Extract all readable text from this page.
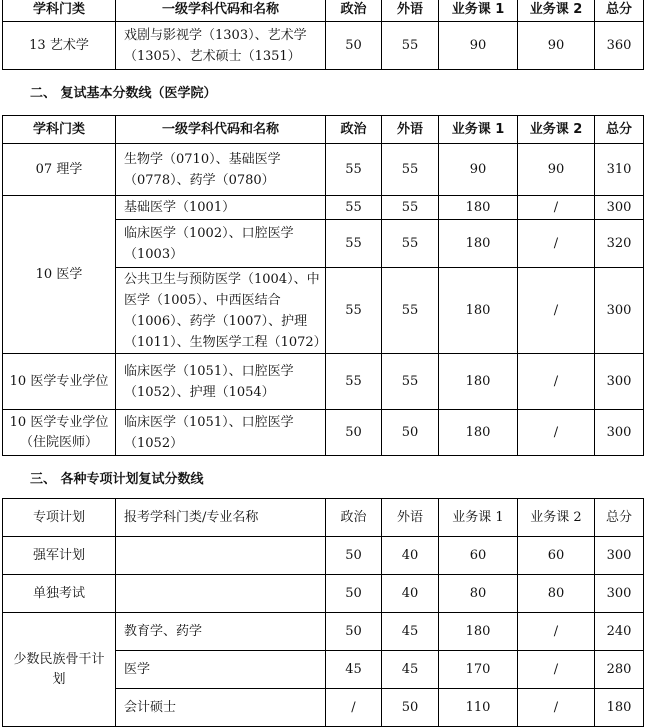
学科门类	一级学科代码和名称	政治	外语	业务课 1	业务课 2	总分
13 艺术学	戏剧与影视学（1303）、艺术学（1305）、艺术硕士（1351）	50	55	90	90	360
二、 复试基本分数线（医学院）
学科门类	一级学科代码和名称	政治	外语	业务课 1	业务课 2	总分
07 理学	生物学（0710）、基础医学（0778）、药学（0780）	55	55	90	90	310
10 医学	基础医学（1001）	55	55	180	/	300
	临床医学（1002）、口腔医学（1003）	55	55	180	/	320
	公共卫生与预防医学（1004）、中医学（1005）、中西医结合（1006）、药学（1007）、护理（1011）、生物医学工程（1072）	55	55	180	/	300
10 医学专业学位	临床医学（1051）、口腔医学（1052）、护理（1054）	55	55	180	/	300
10 医学专业学位（住院医师）	临床医学（1051）、口腔医学（1052）	50	50	180	/	300
三、 各种专项计划复试分数线
专项计划	报考学科门类/专业名称	政治	外语	业务课 1	业务课 2	总分
强军计划		50	40	60	60	300
单独考试		50	40	80	80	300
少数民族骨干计划	教育学、药学	50	45	180	/	240
	医学	45	45	170	/	280
	会计硕士	/	50	110	/	180
